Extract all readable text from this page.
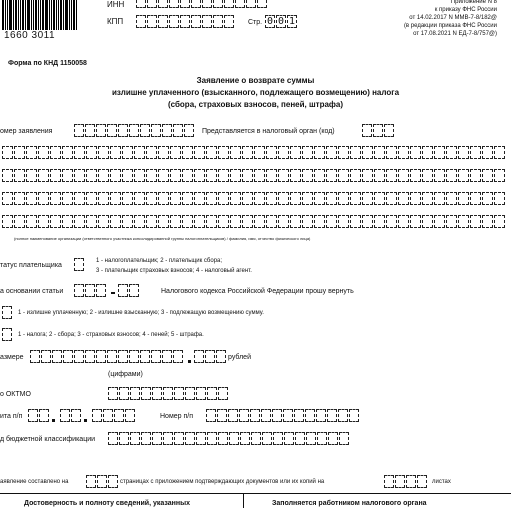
1660 3011
ИНН
КПП	Стр. 0 0 1
Приложение N 8
к приказу ФНС России
от 14.02.2017 N ММВ-7-8/182@
(в редакции приказа ФНС России
от 17.08.2021 N ЕД-7-8/757@)
Форма по КНД 1150058
Заявление о возврате суммы
излишне уплаченного (взысканного, подлежащего возмещению) налога
(сбора, страховых взносов, пеней, штрафа)
омер заявления	Представляется в налоговый орган (код)
(полное наименование организации (ответственного участника консолидированной группы налогоплательщиков) / фамилия, имя, отчество физического лица)
татус плательщика
1 - налогоплательщик; 2 - плательщик сбора;
3 - плательщик страховых взносов; 4 - налоговый агент.
а основании статьи	Налогового кодекса Российской Федерации прошу вернуть
1 - излишне уплаченную; 2 - излишне взысканную; 3 - подлежащую возмещению сумму.
1 - налога; 2 - сбора; 3 - страховых взносов; 4 - пеней; 5 - штрафа.
азмере	рублей
(цифрами)
о ОКТМО
ита п/п	Номер п/п
д бюджетной классификации
аявление составлено на	страницах с приложением подтверждающих документов или их копий на	листах
Достоверность и полноту сведений, указанных	Заполняется работником налогового органа
